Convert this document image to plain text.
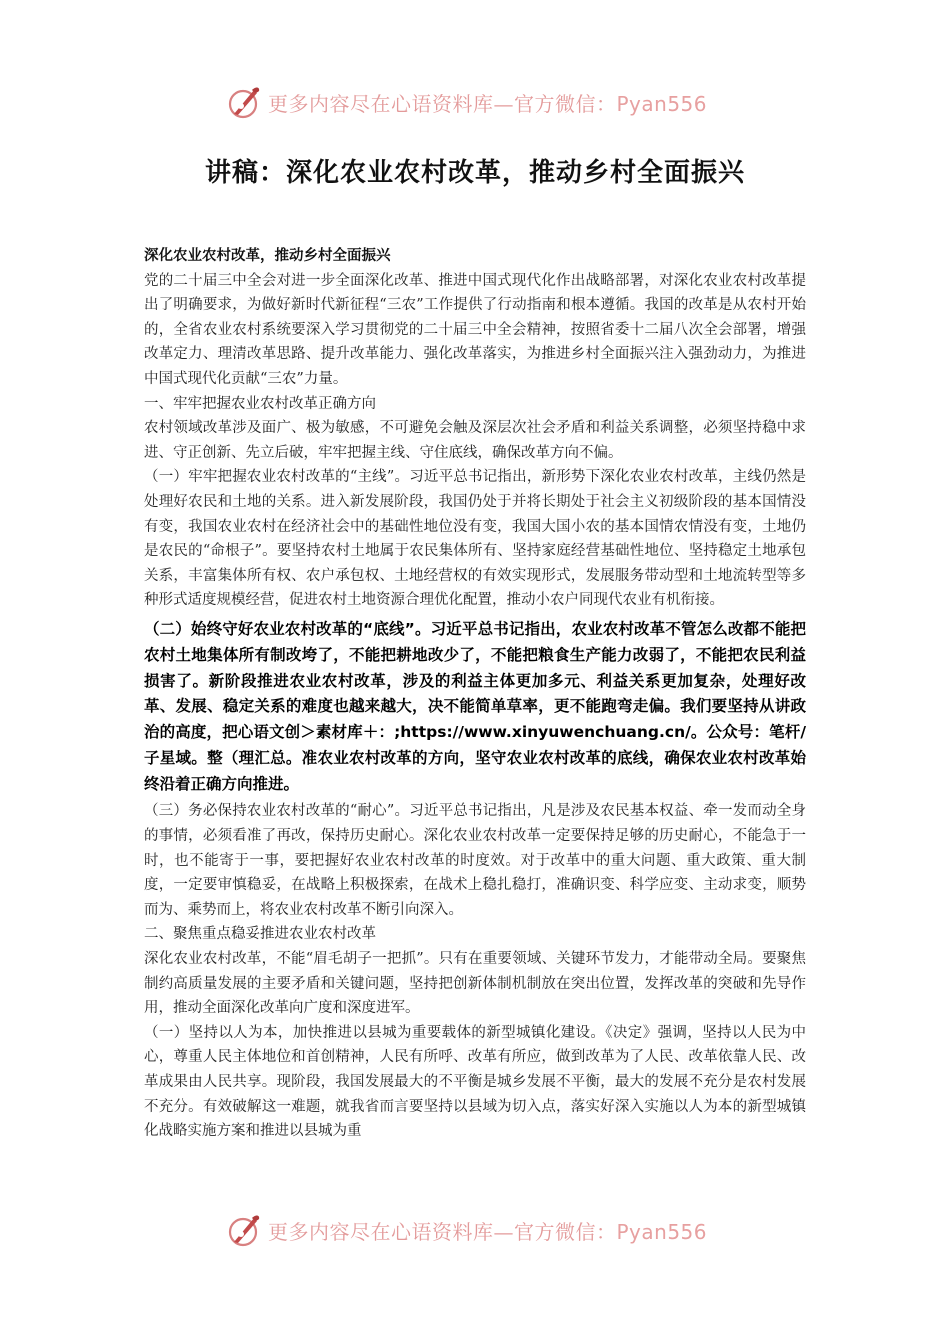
更多内容尽在心语资料库—官方微信：Pyan556
讲稿：深化农业农村改革，推动乡村全面振兴

深化农业农村改革，推动乡村全面振兴

党的二十届三中全会对进一步全面深化改革、推进中国式现代化作出战略部署，对深化农业农村改革提出了明确要求，为做好新时代新征程“三农”工作提供了行动指南和根本遵循。我国的改革是从农村开始的，全省农业农村系统要深入学习贯彻党的二十届三中全会精神，按照省委十二届八次全会部署，增强改革定力、理清改革思路、提升改革能力、强化改革落实，为推进乡村全面振兴注入强劲动力，为推进中国式现代化贡献“三农”力量。

一、牢牢把握农业农村改革正确方向

农村领域改革涉及面广、极为敏感，不可避免会触及深层次社会矛盾和利益关系调整，必须坚持稳中求进、守正创新、先立后破，牢牢把握主线、守住底线，确保改革方向不偏。

（一）牢牢把握农业农村改革的“主线”。习近平总书记指出，新形势下深化农业农村改革，主线仍然是处理好农民和土地的关系。进入新发展阶段，我国仍处于并将长期处于社会主义初级阶段的基本国情没有变，我国农业农村在经济社会中的基础性地位没有变，我国大国小农的基本国情农情没有变，土地仍是农民的“命根子”。要坚持农村土地属于农民集体所有、坚持家庭经营基础性地位、坚持稳定土地承包关系，丰富集体所有权、农户承包权、土地经营权的有效实现形式，发展服务带动型和土地流转型等多种形式适度规模经营，促进农村土地资源合理优化配置，推动小农户同现代农业有机衔接。

（二）始终守好农业农村改革的“底线”。习近平总书记指出，农业农村改革不管怎么改都不能把农村土地集体所有制改垮了，不能把耕地改少了，不能把粮食生产能力改弱了，不能把农民利益损害了。新阶段推进农业农村改革，涉及的利益主体更加多元、利益关系更加复杂，处理好改革、发展、稳定关系的难度也越来越大，决不能简单草率，更不能跑弯走偏。我们要坚持从讲政治的高度，把心语文创＞素材库＋：;https://www.xinyuwenchuang.cn/。公众号：笔杆/子星域。整（理汇总。准农业农村改革的方向，坚守农业农村改革的底线，确保农业农村改革始终沿着正确方向推进。

（三）务必保持农业农村改革的“耐心”。习近平总书记指出，凡是涉及农民基本权益、牵一发而动全身的事情，必须看准了再改，保持历史耐心。深化农业农村改革一定要保持足够的历史耐心，不能急于一时，也不能寄于一事，要把握好农业农村改革的时度效。对于改革中的重大问题、重大政策、重大制度，一定要审慎稳妥，在战略上积极探索，在战术上稳扎稳打，准确识变、科学应变、主动求变，顺势而为、乘势而上，将农业农村改革不断引向深入。

二、聚焦重点稳妥推进农业农村改革

深化农业农村改革，不能“眉毛胡子一把抓”。只有在重要领域、关键环节发力，才能带动全局。要聚焦制约高质量发展的主要矛盾和关键问题，坚持把创新体制机制放在突出位置，发挥改革的突破和先导作用，推动全面深化改革向广度和深度进军。

（一）坚持以人为本，加快推进以县城为重要载体的新型城镇化建设。《决定》强调，坚持以人民为中心，尊重人民主体地位和首创精神，人民有所呼、改革有所应，做到改革为了人民、改革依靠人民、改革成果由人民共享。现阶段，我国发展最大的不平衡是城乡发展不平衡，最大的发展不充分是农村发展不充分。有效破解这一难题，就我省而言要坚持以县域为切入点，落实好深入实施以人为本的新型城镇化战略实施方案和推进以县城为重

更多内容尽在心语资料库—官方微信：Pyan556
